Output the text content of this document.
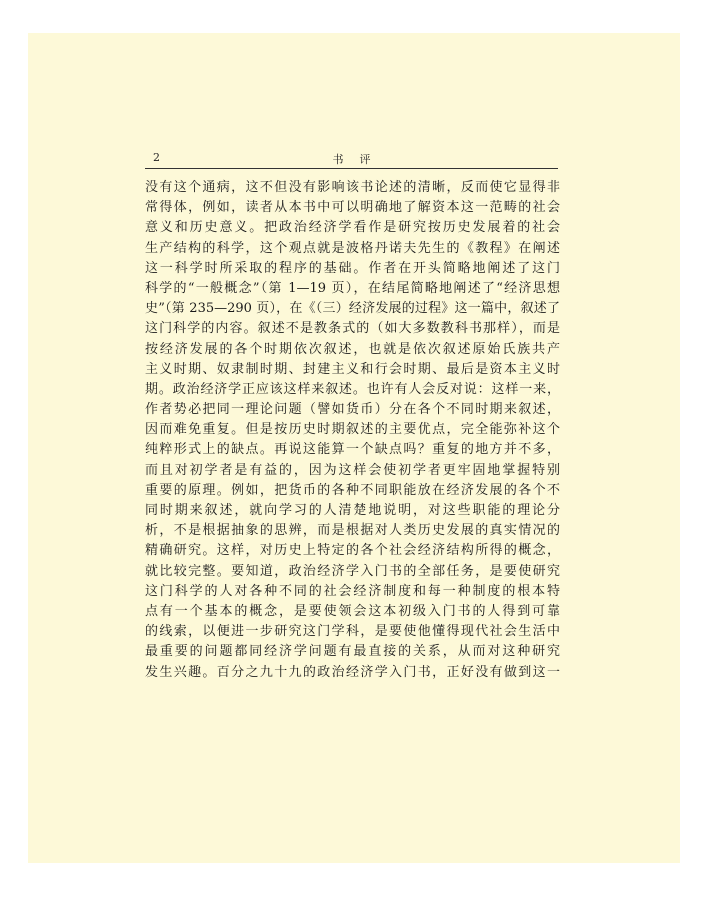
2	书评
没有这个通病，这不但没有影响该书论述的清晰，反而使它显得非
常得体，例如，读者从本书中可以明确地了解资本这一范畴的社会
意义和历史意义。把政治经济学看作是研究按历史发展着的社会
生产结构的科学，这个观点就是波格丹诺夫先生的《教程》在阐述
这一科学时所采取的程序的基础。作者在开头简略地阐述了这门
科学的“一般概念”（第 1—19 页），在结尾简略地阐述了“经济思想
史”（第 235—290 页），在《（三）经济发展的过程》这一篇中，叙述了
这门科学的内容。叙述不是教条式的（如大多数教科书那样），而是
按经济发展的各个时期依次叙述，也就是依次叙述原始氏族共产
主义时期、奴隶制时期、封建主义和行会时期、最后是资本主义时
期。政治经济学正应该这样来叙述。也许有人会反对说：这样一来，
作者势必把同一理论问题（譬如货币）分在各个不同时期来叙述，
因而难免重复。但是按历史时期叙述的主要优点，完全能弥补这个
纯粹形式上的缺点。再说这能算一个缺点吗？重复的地方并不多，
而且对初学者是有益的，因为这样会使初学者更牢固地掌握特别
重要的原理。例如，把货币的各种不同职能放在经济发展的各个不
同时期来叙述，就向学习的人清楚地说明，对这些职能的理论分
析，不是根据抽象的思辨，而是根据对人类历史发展的真实情况的
精确研究。这样，对历史上特定的各个社会经济结构所得的概念，
就比较完整。要知道，政治经济学入门书的全部任务，是要使研究
这门科学的人对各种不同的社会经济制度和每一种制度的根本特
点有一个基本的概念，是要使领会这本初级入门书的人得到可靠
的线索，以便进一步研究这门学科，是要使他懂得现代社会生活中
最重要的问题都同经济学问题有最直接的关系，从而对这种研究
发生兴趣。百分之九十九的政治经济学入门书，正好没有做到这一
